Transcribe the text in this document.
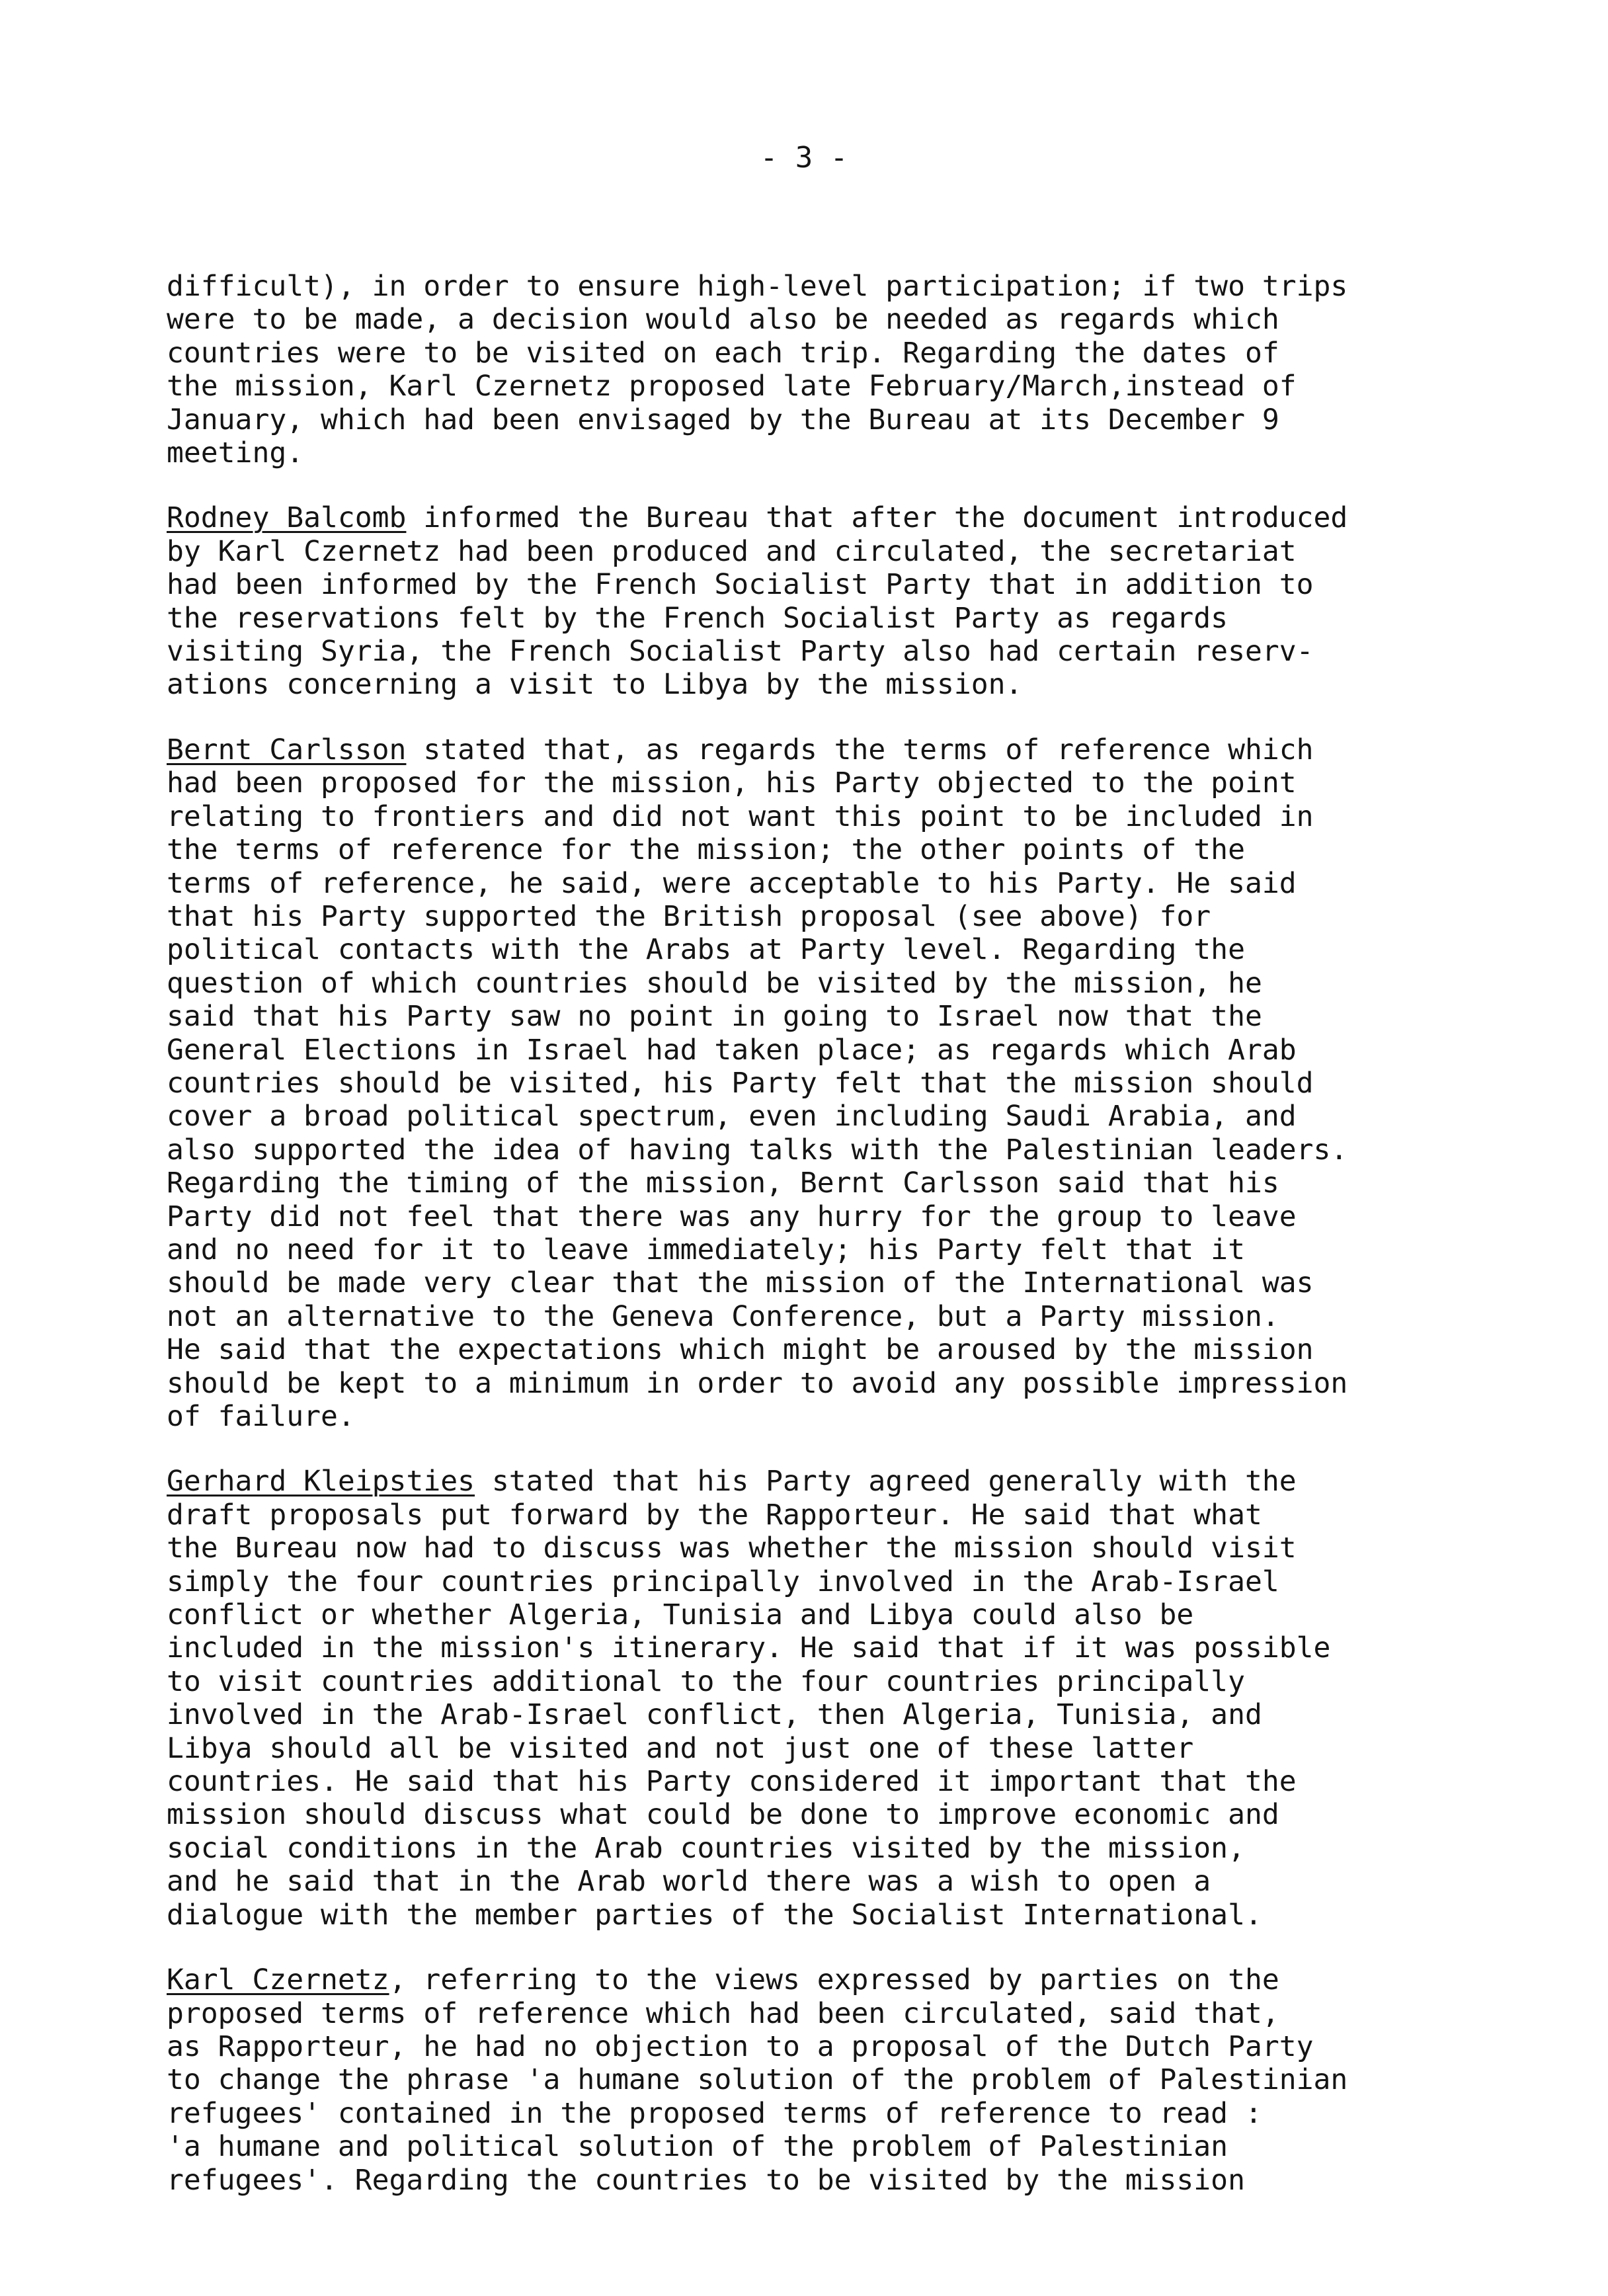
- 3 -
difficult), in order to ensure high-level participation; if two trips
were to be made, a decision would also be needed as regards which
countries were to be visited on each trip. Regarding the dates of
the mission, Karl Czernetz proposed late February/March,instead of
January, which had been envisaged by the Bureau at its December 9
meeting.
Rodney Balcomb informed the Bureau that after the document introduced
by Karl Czernetz had been produced and circulated, the secretariat
had been informed by the French Socialist Party that in addition to
the reservations felt by the French Socialist Party as regards
visiting Syria, the French Socialist Party also had certain reserv-
ations concerning a visit to Libya by the mission.
Bernt Carlsson stated that, as regards the terms of reference which
had been proposed for the mission, his Party objected to the point
relating to frontiers and did not want this point to be included in
the terms of reference for the mission; the other points of the
terms of reference, he said, were acceptable to his Party. He said
that his Party supported the British proposal (see above) for
political contacts with the Arabs at Party level. Regarding the
question of which countries should be visited by the mission, he
said that his Party saw no point in going to Israel now that the
General Elections in Israel had taken place; as regards which Arab
countries should be visited, his Party felt that the mission should
cover a broad political spectrum, even including Saudi Arabia, and
also supported the idea of having talks with the Palestinian leaders.
Regarding the timing of the mission, Bernt Carlsson said that his
Party did not feel that there was any hurry for the group to leave
and no need for it to leave immediately; his Party felt that it
should be made very clear that the mission of the International was
not an alternative to the Geneva Conference, but a Party mission.
He said that the expectations which might be aroused by the mission
should be kept to a minimum in order to avoid any possible impression
of failure.
Gerhard Kleipsties stated that his Party agreed generally with the
draft proposals put forward by the Rapporteur. He said that what
the Bureau now had to discuss was whether the mission should visit
simply the four countries principally involved in the Arab-Israel
conflict or whether Algeria, Tunisia and Libya could also be
included in the mission's itinerary. He said that if it was possible
to visit countries additional to the four countries principally
involved in the Arab-Israel conflict, then Algeria, Tunisia, and
Libya should all be visited and not just one of these latter
countries. He said that his Party considered it important that the
mission should discuss what could be done to improve economic and
social conditions in the Arab countries visited by the mission,
and he said that in the Arab world there was a wish to open a
dialogue with the member parties of the Socialist International.
Karl Czernetz, referring to the views expressed by parties on the
proposed terms of reference which had been circulated, said that,
as Rapporteur, he had no objection to a proposal of the Dutch Party
to change the phrase 'a humane solution of the problem of Palestinian
refugees' contained in the proposed terms of reference to read :
'a humane and political solution of the problem of Palestinian
refugees'. Regarding the countries to be visited by the mission
